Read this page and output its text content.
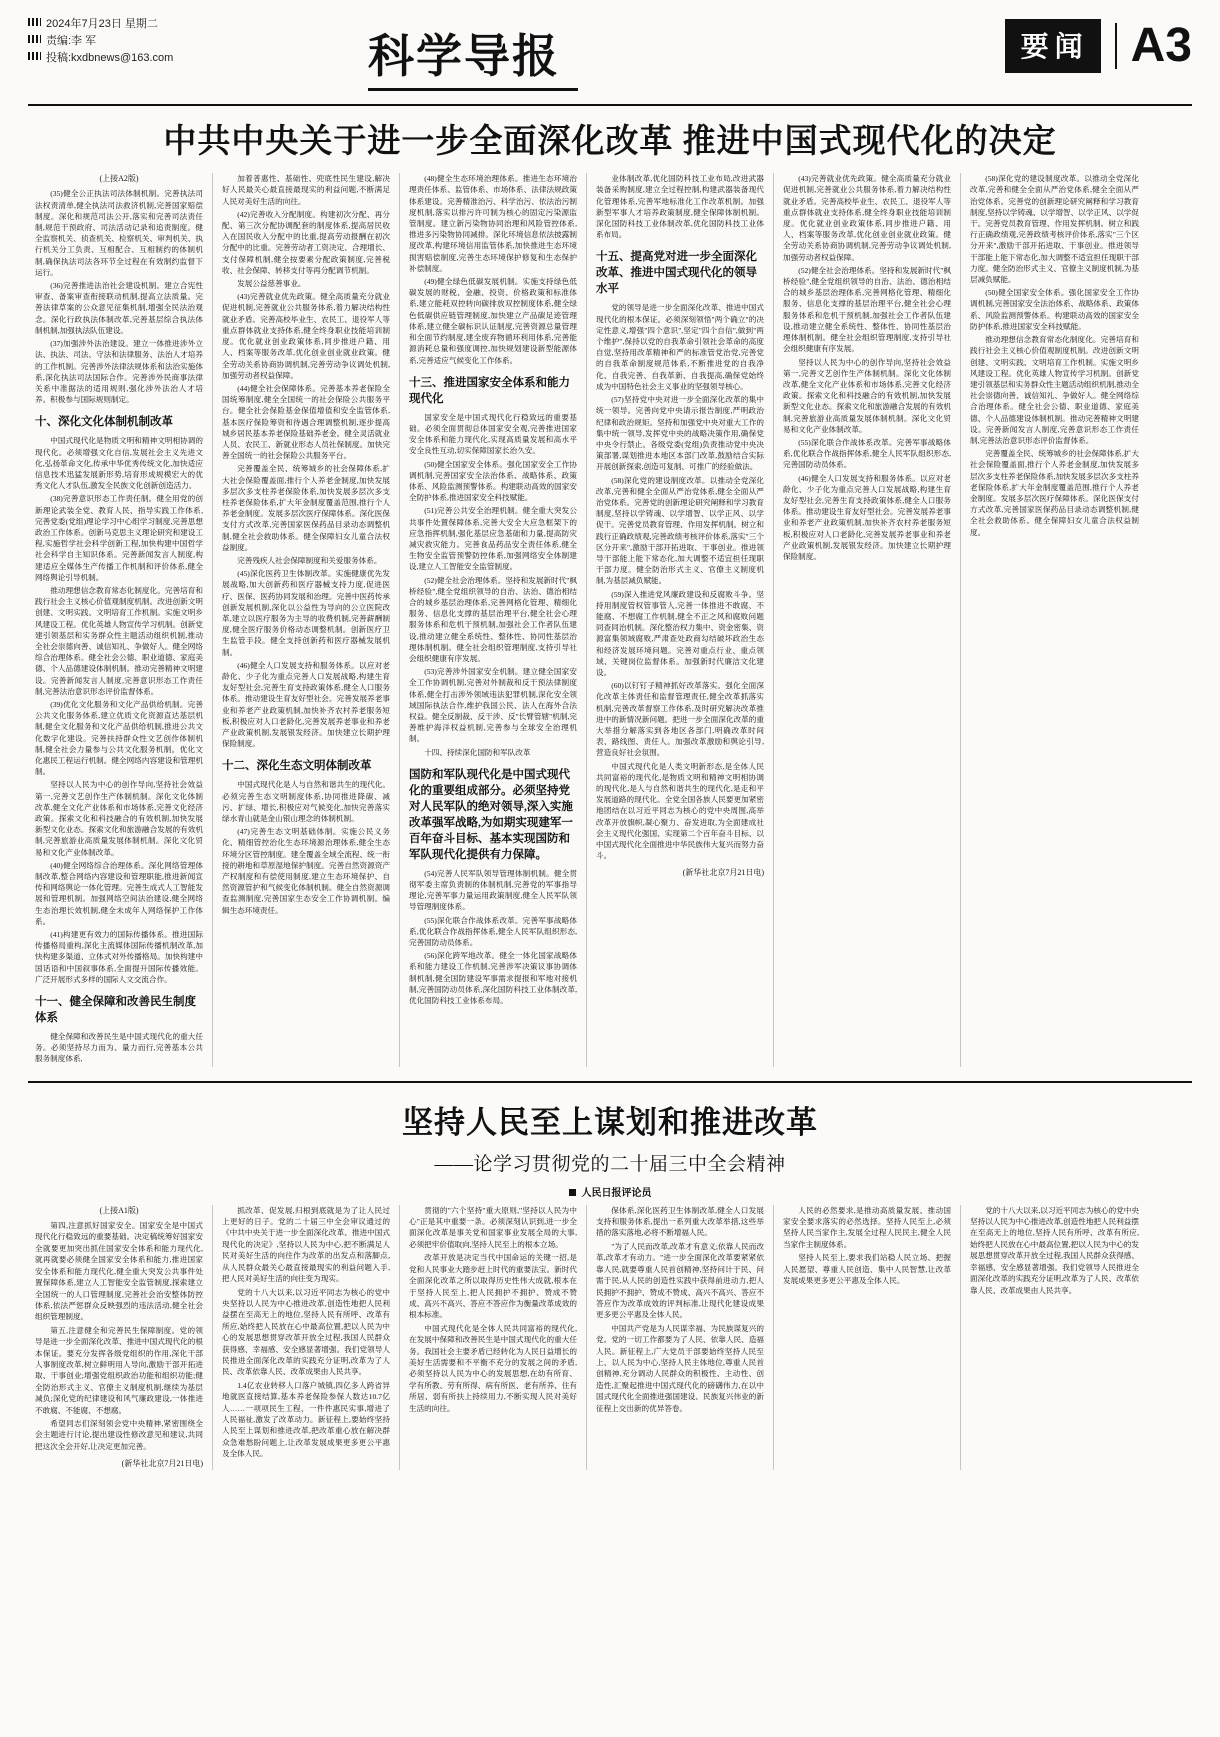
2024年7月23日 星期二
责编:李 军
投稿:kxdbnews@163.com	科学导报	要闻 A3
中共中央关于进一步全面深化改革 推进中国式现代化的决定
(上接A2版)

(35)健全公正执法司法体制机制。完善执法司法权责清单,健全执法司法救济机制,完善国家赔偿制度。深化和规范司法公开,落实和完善司法责任制,规范干预政府、司法活动记录和追责制度。健全监察机关、侦查机关、检察机关、审判机关、执行机关分工负责、互相配合、互相制约的体制机制,确保执法司法各环节全过程在有效制约监督下运行。

(36)完善推进法治社会建设机制。建立合宪性审查、备案审查衔接联动机制,提高立法质量。完善法律草案的公众意见征集机制,增强全民法治观念。深化行政执法体制改革,完善基层综合执法体制机制,加强执法队伍建设。

(37)加强涉外法治建设。建立一体推进涉外立法、执法、司法、守法和法律服务、法治人才培养的工作机制。完善涉外法律法规体系和法治实施体系,深化执法司法国际合作。完善涉外民商事法律关系中准据法的适用规则,强化涉外法治人才培养。积极参与国际规则制定。

十、深化文化体制机制改革

中国式现代化是物质文明和精神文明相协调的现代化。必须增强文化自信,发展社会主义先进文化,弘扬革命文化,传承中华优秀传统文化,加快适应信息技术迅猛发展新形势,培育形成规模宏大的优秀文化人才队伍,激发全民族文化创新创造活力。

(38)完善意识形态工作责任制。健全用党的创新理论武装全党、教育人民、指导实践工作体系,完善党委(党组)理论学习中心组学习制度,完善思想政治工作体系。创新马克思主义理论研究和建设工程,实施哲学社会科学创新工程,加快构建中国哲学社会科学自主知识体系。完善新闻发言人制度,构建适应全媒体生产传播工作机制和评价体系,健全网络舆论引导机制。

推动理想信念教育常态化制度化。完善培育和践行社会主义核心价值观制度机制。改进创新文明创建、文明实践、文明培育工作机制。实施文明乡风建设工程。优化英雄人物宣传学习机制。创新党建引领基层和实务群众性主题活动组织机制,推动全社会崇德向善、诚信知礼、争做好人。健全网络综合治理体系。健全社会公德、职业道德、家庭美德、个人品德建设体制机制。推动完善精神文明建设。完善新闻发言人制度,完善意识形态工作责任制,完善法治意识形态评价监督体系。

(39)优化文化服务和文化产品供给机制。完善公共文化服务体系,建立优质文化资源直达基层机制,健全文化服务和文化产品供给机制,推进公共文化数字化建设。完善扶持群众性文艺创作体制机制,健全社会力量参与公共文化服务机制。优化文化惠民工程运行机制。健全网络内容建设和管理机制。

坚持以人民为中心的创作导向,坚持社会效益第一,完善文艺创作生产体制机制。深化文化体制改革,健全文化产业体系和市场体系,完善文化经济政策。探索文化和科技融合的有效机制,加快发展新型文化业态。探索文化和旅游融合发展的有效机制,完善旅游业高质量发展体制机制。深化文化贸易和文化产业体制改革。

(40)健全网络综合治理体系。深化网络管理体制改革,整合网络内容建设和管理职能,推进新闻宣传和网络舆论一体化管理。完善生成式人工智能发展和管理机制。加强网络空间法治建设,健全网络生态治理长效机制,健全未成年人网络保护工作体系。

(41)构建更有效力的国际传播体系。推进国际传播格局重构,深化主流媒体国际传播机制改革,加快构建多渠道、立体式对外传播格局。加快构建中国话语和中国叙事体系,全面提升国际传播效能。广泛开展形式多样的国际人文交流合作。

十一、健全保障和改善民生制度体系

健全保障和改善民生是中国式现代化的重大任务。必须坚持尽力而为、量力而行,完善基本公共服务制度体系,

加着普惠性、基础性、兜底性民生建设,解决好人民最关心最直接最现实的利益问题,不断满足人民对美好生活的向往。

(42)完善收入分配制度。构建初次分配、再分配、第三次分配协调配套的制度体系,提高居民收入在国民收入分配中的比重,提高劳动报酬在初次分配中的比重。完善劳动者工资决定、合理增长、支付保障机制,健全按要素分配政策制度,完善税收、社会保障、转移支付等再分配调节机制。

发展公益慈善事业。

(43)完善就业优先政策。健全高质量充分就业促进机制,完善就业公共服务体系,着力解决结构性就业矛盾。完善高校毕业生、农民工、退役军人等重点群体就业支持体系,健全终身职业技能培训制度。优化就业创业政策体系,同步推进户籍、用人、档案等服务改革,优化创业创业就业政策。健全劳动关系协商协调机制,完善劳动争议调处机制,加强劳动者权益保障。

(44)健全社会保障体系。完善基本养老保险全国统筹制度,健全全国统一的社会保险公共服务平台。健全社会保险基金保值增值和安全监管体系,基本医疗保险筹资和待遇合理调整机制,逐步提高城乡居民基本养老保险基础养老金。健全灵活就业人员、农民工、新就业形态人员社保制度。加快完善全国统一的社会保险公共服务平台。

完善覆盖全民、统筹城乡的社会保障体系,扩大社会保险覆盖面,推行个人养老金制度,加快发展多层次多支柱养老保险体系,加快发展多层次多支柱养老保险体系,扩大年金制度覆盖范围,推行个人养老金制度。发展多层次医疗保障体系。深化医保支付方式改革,完善国家医保药品目录动态调整机制,健全社会救助体系。健全保障妇女儿童合法权益制度。

完善残疾人社会保障制度和关爱服务体系。

(45)深化医药卫生体制改革。实施健康优先发展战略,加大创新药和医疗器械支持力度,促进医疗、医保、医药协同发展和治理。完善中医药传承创新发展机制,深化以公益性为导向的公立医院改革,建立以医疗服务为主导的收费机制,完善薪酬制度,健全医疗服务价格动态调整机制。创新医疗卫生监管手段。健全支持创新药和医疗器械发展机制。

(46)健全人口发展支持和服务体系。以应对老龄化、少子化为重点完善人口发展战略,构建生育友好型社会,完善生育支持政策体系,健全人口服务体系。推动建设生育友好型社会。完善发展养老事业和养老产业政策机制,加快补齐农村养老服务短板,积极应对人口老龄化,完善发展养老事业和养老产业政策机制,发展银发经济。加快建立长期护理保险制度。

十二、深化生态文明体制改革

中国式现代化是人与自然和谐共生的现代化。必须完善生态文明制度体系,协同推进降碳、减污、扩绿、增长,积极应对气候变化,加快完善落实绿水青山就是金山银山理念的体制机制。

(47)完善生态文明基础体制。实施公民义务化、精细管控治化生态环境源治理体系,健全生态环境分区管控制度。建全覆盖全域全流程、统一衔接的耕地和草原湿地保护制度。完善自然资源资产产权制度和有偿使用制度,建立生态环境保护、自然资源管护和气候变化体制机制。健全自然资源调查监测制度,完善国家生态安全工作协调机制。编辑生态环境责任。

(48)健全生态环境治理体系。推进生态环境治理责任体系、监管体系、市场体系、法律法规政策体系建设。完善精准治污、科学治污、依法治污制度机制,落实以排污许可制为核心的固定污染源监管制度。建立新污染物协同治理和风险管控体系,推进多污染物协同减排。深化环境信息依法披露制度改革,构建环境信用监管体系,加快推进生态环境损害赔偿制度,完善生态环境保护修复和生态保护补偿制度。

(49)健全绿色低碳发展机制。实施支持绿色低碳发展的财税、金融、投资、价格政策和标准体系,建立能耗双控转向碳排放双控制度体系,健全绿色低碳供应链管理制度,加快建立产品碳足迹管理体系,建立健全碳标识认证制度,完善资源总量管理和全面节约制度,建全废弃物循环利用体系,完善能源消耗总量和强度调控,加快规划建设新型能源体系,完善适应气候变化工作体系。

十三、推进国家安全体系和能力现代化

国家安全是中国式现代化行稳致远的重要基础。必须全面贯彻总体国家安全观,完善推进国家安全体系和能力现代化,实现高质量发展和高水平安全良性互动,切实保障国家长治久安。

(50)健全国家安全体系。强化国家安全工作协调机制,完善国家安全法治体系、战略体系、政策体系、风险监测预警体系。构建联动高效的国家安全防护体系,推进国家安全科技赋能。

(51)完善公共安全治理机制。健全重大突发公共事件处置保障体系,完善大安全大应急框架下的应急指挥机制,强化基层应急基础和力量,提高防灾减灾救灾能力。完善食品药品安全责任体系,健全生物安全监管预警防控体系,加强网络安全体制建设,建立人工智能安全监管制度。

(52)健全社会治理体系。坚持和发展新时代"枫桥经验",健全党组织领导的自治、法治、德治相结合的城乡基层治理体系,完善网格化管理、精细化服务、信息化支撑的基层治理平台,健全社会心理服务体系和危机干预机制,加强社会工作者队伍建设,推动建立健全系统性、整体性、协同性基层治理体制机制。健全社会组织管理制度,支持引导社会组织健康有序发展。

(53)完善涉外国家安全机制。建立健全国家安全工作协调机制,完善对外制裁和反干预法律制度体系,健全打击涉外领域违法犯罪机制,深化安全领域国际执法合作,维护我国公民、法人在海外合法权益。健全反制裁、反干涉、反"长臂管辖"机制,完善维护海洋权益机制,完善参与全球安全治理机制。

十四、持续深化国防和军队改革

国防和军队现代化是中国式现代化的重要组成部分。必须坚持党对人民军队的绝对领导,深入实施改革强军战略,为如期实现建军一百年奋斗目标、基本实现国防和军队现代化提供有力保障。

(54)完善人民军队领导管理体制机制。健全贯彻军委主席负责制的体制机制,完善党的军事指导理论,完善军事力量运用政策制度,健全人民军队领导管理制度体系。

(55)深化联合作战体系改革。完善军事战略体系,优化联合作战指挥体系,健全人民军队组织形态,完善国防动员体系。

(56)深化跨军地改革。健全一体化国家战略体系和能力建设工作机制,完善涉军决策议事协调体制机制,健全国防建设军事需求提报和军地对接机制,完善国防动员体系,深化国防科技工业体制改革,优化国防科技工业体系布局。

业体制改革,优化国防科技工业布局,改进武器装备采购制度,建立全过程控制,构建武器装备现代化管理体系,完善军地标准化工作改革机制。加强新型军事人才培养政策制度,健全保障体制机制。深化国防科技工业体制改革,优化国防科技工业体系布局。

十五、提高党对进一步全面深化改革、推进中国式现代化的领导水平

党的领导是进一步全面深化改革、推进中国式现代化的根本保证。必须深刻领悟"两个确立"的决定性意义,增强"四个意识",坚定"四个自信",做到"两个维护",保持以党的自我革命引领社会革命的高度自觉,坚持用改革精神和严的标准管党治党,完善党的自我革命制度规范体系,不断推进党的自我净化、自我完善、自我革新、自我提高,确保党始终成为中国特色社会主义事业的坚强领导核心。

(57)坚持党中央对进一步全面深化改革的集中统一领导。完善向党中央请示报告制度,严明政治纪律和政治规矩。坚持和加强党中央对重大工作的集中统一领导,发挥党中央的战略决策作用,确保党中央令行禁止。各级党委(党组)负责推动党中央决策部署,谋划推进本地区本部门改革,鼓励结合实际开展创新探索,创造可复制、可推广的经验做法。

(58)深化党的建设制度改革。以推动全党深化改革,完善和健全全面从严治党体系,健全全面从严治党体系。完善党的创新理论研究阐释和学习教育制度,坚持以学铸魂、以学增智、以学正风、以学促干。完善党员教育管理、作用发挥机制。树立和践行正确政绩观,完善政绩考核评价体系,落实"三个区分开来",激励干部开拓进取、干事创业。推进领导干部能上能下常态化,加大调整不适宜担任现职干部力度。健全防治形式主义、官僚主义制度机制,为基层减负赋能。

(59)深入推进党风廉政建设和反腐败斗争。坚持用制度管权管事管人,完善一体推进不敢腐、不能腐、不想腐工作机制,健全不正之风和腐败问题同查同治机制。深化整治权力集中、资金密集、资源富集领域腐败,严肃查处政商勾结破坏政治生态和经济发展环境问题。完善对重点行业、重点领域、关键岗位监督体系。加强新时代廉洁文化建设。

(60)以钉钉子精神抓好改革落实。强化全面深化改革主体责任和监督管理责任,健全改革抓落实机制,完善改革督察工作体系,及时研究解决改革推进中的新情况新问题。把进一步全面深化改革的重大举措分解落实到各地区各部门,明确改革时间表、路线图、责任人。加强改革激励和舆论引导,营造良好社会氛围。

中国式现代化是人类文明新形态,是全体人民共同富裕的现代化,是物质文明和精神文明相协调的现代化,是人与自然和谐共生的现代化,是走和平发展道路的现代化。全党全国各族人民要更加紧密地团结在以习近平同志为核心的党中央周围,高举改革开放旗帜,凝心聚力、奋发进取,为全面建成社会主义现代化强国、实现第二个百年奋斗目标、以中国式现代化全面推进中华民族伟大复兴而努力奋斗。

(新华社北京7月21日电)

(43)完善就业优先政策。健全高质量充分就业促进机制,完善就业公共服务体系,着力解决结构性就业矛盾。完善高校毕业生、农民工、退役军人等重点群体就业支持体系,健全终身职业技能培训制度。优化就业创业政策体系,同步推进户籍、用人、档案等服务改革,优化创业创业就业政策。健全劳动关系协商协调机制,完善劳动争议调处机制,加强劳动者权益保障。

(52)健全社会治理体系。坚持和发展新时代"枫桥经验",健全党组织领导的自治、法治、德治相结合的城乡基层治理体系,完善网格化管理、精细化服务、信息化支撑的基层治理平台,健全社会心理服务体系和危机干预机制,加强社会工作者队伍建设,推动建立健全系统性、整体性、协同性基层治理体制机制。健全社会组织管理制度,支持引导社会组织健康有序发展。

坚持以人民为中心的创作导向,坚持社会效益第一,完善文艺创作生产体制机制。深化文化体制改革,健全文化产业体系和市场体系,完善文化经济政策。探索文化和科技融合的有效机制,加快发展新型文化业态。探索文化和旅游融合发展的有效机制,完善旅游业高质量发展体制机制。深化文化贸易和文化产业体制改革。

(55)深化联合作战体系改革。完善军事战略体系,优化联合作战指挥体系,健全人民军队组织形态,完善国防动员体系。

(46)健全人口发展支持和服务体系。以应对老龄化、少子化为重点完善人口发展战略,构建生育友好型社会,完善生育支持政策体系,健全人口服务体系。推动建设生育友好型社会。完善发展养老事业和养老产业政策机制,加快补齐农村养老服务短板,积极应对人口老龄化,完善发展养老事业和养老产业政策机制,发展银发经济。加快建立长期护理保险制度。

(58)深化党的建设制度改革。以推动全党深化改革,完善和健全全面从严治党体系,健全全面从严治党体系。完善党的创新理论研究阐释和学习教育制度,坚持以学铸魂、以学增智、以学正风、以学促干。完善党员教育管理、作用发挥机制。树立和践行正确政绩观,完善政绩考核评价体系,落实"三个区分开来",激励干部开拓进取、干事创业。推进领导干部能上能下常态化,加大调整不适宜担任现职干部力度。健全防治形式主义、官僚主义制度机制,为基层减负赋能。

(50)健全国家安全体系。强化国家安全工作协调机制,完善国家安全法治体系、战略体系、政策体系、风险监测预警体系。构建联动高效的国家安全防护体系,推进国家安全科技赋能。

推动理想信念教育常态化制度化。完善培育和践行社会主义核心价值观制度机制。改进创新文明创建、文明实践、文明培育工作机制。实施文明乡风建设工程。优化英雄人物宣传学习机制。创新党建引领基层和实务群众性主题活动组织机制,推动全社会崇德向善、诚信知礼、争做好人。健全网络综合治理体系。健全社会公德、职业道德、家庭美德、个人品德建设体制机制。推动完善精神文明建设。完善新闻发言人制度,完善意识形态工作责任制,完善法治意识形态评价监督体系。

完善覆盖全民、统筹城乡的社会保障体系,扩大社会保险覆盖面,推行个人养老金制度,加快发展多层次多支柱养老保险体系,加快发展多层次多支柱养老保险体系,扩大年金制度覆盖范围,推行个人养老金制度。发展多层次医疗保障体系。深化医保支付方式改革,完善国家医保药品目录动态调整机制,健全社会救助体系。健全保障妇女儿童合法权益制度。

坚持人民至上谋划和推进改革
——论学习贯彻党的二十届三中全会精神
人民日报评论员
(上接A1版)

第四,注意抓好国家安全。国家安全是中国式现代化行稳致远的重要基础。决定稿统筹好国家安全就要更加突出抓住国家安全体系和能力现代化,就再就要必须健全国家安全体系和能力,推进国家安全体系和能力现代化,健全重大突发公共事件处置保障体系,建立人工智能安全监管制度,探索建立全国统一的人口管理制度,完善社会治安整体防控体系,依法严惩群众反映强烈的违法活动,健全社会组织管理制度。

第五,注意健全和完善民生保障制度。党的领导是进一步全面深化改革、推进中国式现代化的根本保证。要充分发挥各级党组织的作用,深化干部人事制度改革,树立鲜明用人导向,激励干部开拓进取、干事创业;增强党组织政治功能和组织功能;健全防治形式主义、官僚主义制度机制,继续为基层减负;深化党的纪律建设和风气廉政建设,一体推进不敢腐、不能腐、不想腐。

希望同志们深刻领会党中央精神,紧密围绕全会主题进行讨论,提出建设性修改意见和建议,共同把这次全会开好,让决定更加完善。

(新华社北京7月21日电)

抓改革、促发展,归根到底就是为了让人民过上更好的日子。党的二十届三中全会审议通过的《中共中央关于进一步全面深化改革、推进中国式现代化的决定》,坚持以人民为中心,把不断满足人民对美好生活的向往作为改革的出发点和落脚点,从人民群众最关心最直接最现实的利益问题入手,把人民对美好生活的向往变为现实。

党的十八大以来,以习近平同志为核心的党中央坚持以人民为中心推进改革,创造性地把人民利益摆在至高无上的地位,坚持人民有所呼、改革有所应,始终把人民放在心中最高位置,把以人民为中心的发展思想贯穿改革开放全过程,我国人民群众获得感、幸福感、安全感显著增强。我们党领导人民推进全面深化改革的实践充分证明,改革为了人民、改革依靠人民、改革成果由人民共享。

1.4亿农业转移人口落户城镇,四亿多人跨省异地就医直接结算,基本养老保险参保人数达10.7亿人……一项项民生工程、一件件惠民实事,增进了人民福祉,激发了改革动力。新征程上,要始终坚持人民至上谋划和推进改革,把改革重心放在解决群众急难愁盼问题上,让改革发展成果更多更公平惠及全体人民。

贯彻的"六个坚持"重大原则,"坚持以人民为中心"正是其中重要一条。必须深刻认识到,进一步全面深化改革是事关党和国家事业发展全局的大事,必须把牢价值取向,坚持人民至上的根本立场。

改革开放是决定当代中国命运的关键一招,是党和人民事业大踏步赶上时代的重要法宝。新时代全面深化改革之所以取得历史性伟大成就,根本在于坚持人民至上,把人民拥护不拥护、赞成不赞成、高兴不高兴、答应不答应作为衡量改革成效的根本标准。

中国式现代化是全体人民共同富裕的现代化,在发展中保障和改善民生是中国式现代化的重大任务。我国社会主要矛盾已经转化为人民日益增长的美好生活需要和不平衡不充分的发展之间的矛盾,必须坚持以人民为中心的发展思想,在幼有所育、学有所教、劳有所得、病有所医、老有所养、住有所居、弱有所扶上持续用力,不断实现人民对美好生活的向往。

保体系,深化医药卫生体制改革,健全人口发展支持和服务体系,提出一系列重大改革举措,这些举措的落实落地,必将不断增福人民。

"为了人民而改革,改革才有意义;依靠人民而改革,改革才有动力。"进一步全面深化改革要紧紧依靠人民,就要尊重人民首创精神,坚持问计于民、问需于民,从人民的创造性实践中获得前进动力,把人民拥护不拥护、赞成不赞成、高兴不高兴、答应不答应作为改革成效的评判标准,让现代化建设成果更多更公平惠及全体人民。

中国共产党是为人民谋幸福、为民族谋复兴的党。党的一切工作都要为了人民、依靠人民、造福人民。新征程上,广大党员干部要始终坚持人民至上、以人民为中心,坚持人民主体地位,尊重人民首创精神,充分调动人民群众的积极性、主动性、创造性,汇聚起推进中国式现代化的磅礴伟力,在以中国式现代化全面推进强国建设、民族复兴伟业的新征程上交出新的优异答卷。

人民的必然要求,是推动高质量发展、推动国家安全要求落实的必然选择。坚持人民至上,必须坚持人民当家作主,发展全过程人民民主,健全人民当家作主制度体系。

坚持人民至上,要求我们站稳人民立场、把握人民愿望、尊重人民创造、集中人民智慧,让改革发展成果更多更公平惠及全体人民。

党的十八大以来,以习近平同志为核心的党中央坚持以人民为中心推进改革,创造性地把人民利益摆在至高无上的地位,坚持人民有所呼、改革有所应,始终把人民放在心中最高位置,把以人民为中心的发展思想贯穿改革开放全过程,我国人民群众获得感、幸福感、安全感显著增强。我们党领导人民推进全面深化改革的实践充分证明,改革为了人民、改革依靠人民、改革成果由人民共享。
